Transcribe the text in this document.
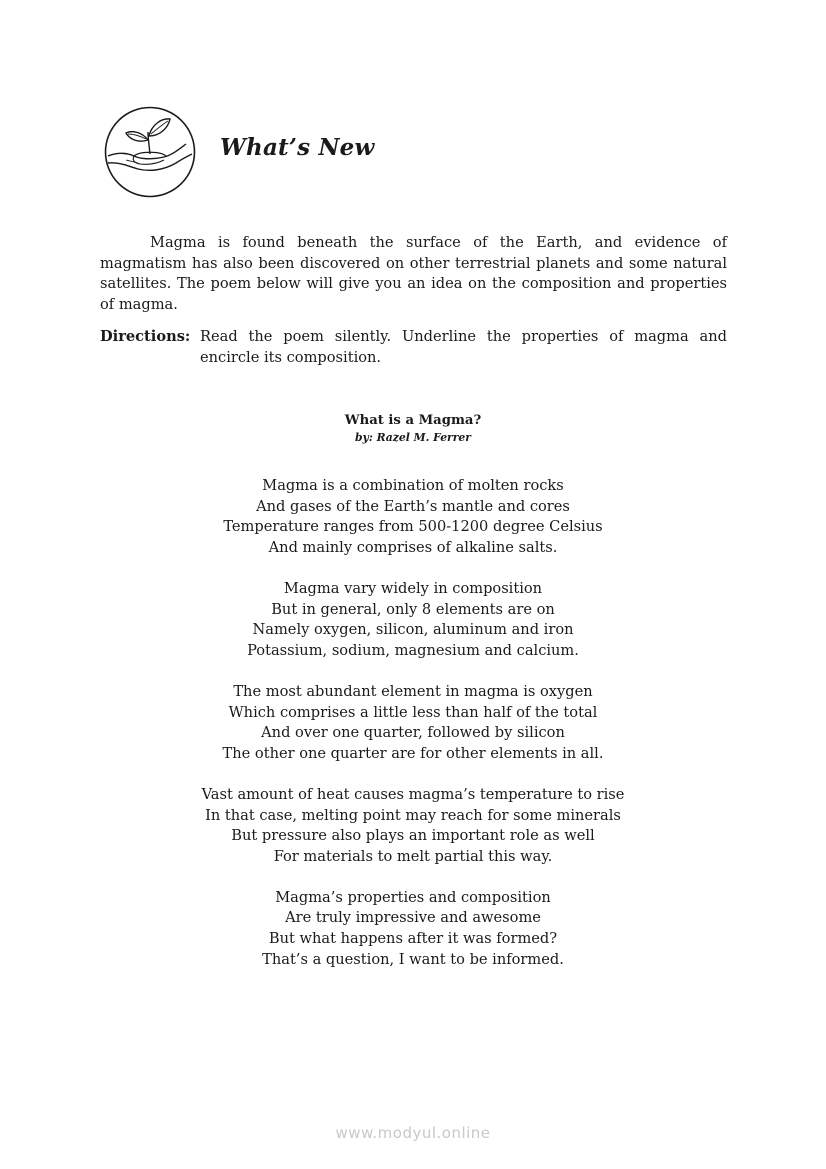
What’s New

Magma is found beneath the surface of the Earth, and evidence of magmatism has also been discovered on other terrestrial planets and some natural satellites. The poem below will give you an idea on the composition and properties of magma.

Directions: Read the poem silently. Underline the properties of magma and encircle its composition.

What is a Magma?

by: Razel M. Ferrer

Magma is a combination of molten rocks
And gases of the Earth’s mantle and cores
Temperature ranges from 500-1200 degree Celsius
And mainly comprises of alkaline salts.
Magma vary widely in composition
But in general, only 8 elements are on
Namely oxygen, silicon, aluminum and iron
Potassium, sodium, magnesium and calcium.
The most abundant element in magma is oxygen
Which comprises a little less than half of the total
And over one quarter, followed by silicon
The other one quarter are for other elements in all.
Vast amount of heat causes magma’s temperature to rise
In that case, melting point may reach for some minerals
But pressure also plays an important role as well
For materials to melt partial this way.
Magma’s properties and composition
Are truly impressive and awesome
But what happens after it was formed?
That’s a question, I want to be informed.
www.modyul.online
